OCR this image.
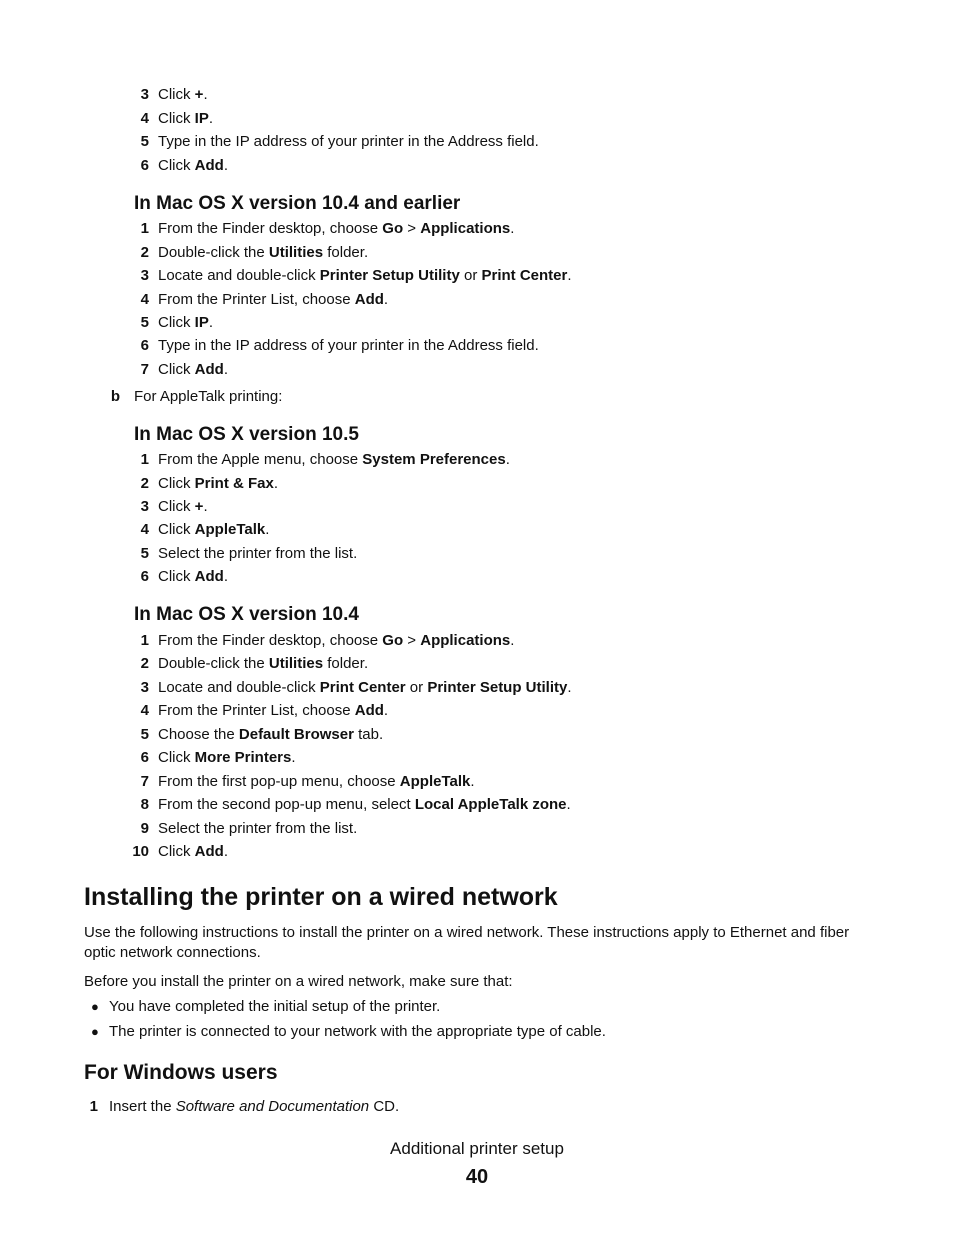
3 Click +.
4 Click IP.
5 Type in the IP address of your printer in the Address field.
6 Click Add.
In Mac OS X version 10.4 and earlier
1 From the Finder desktop, choose Go > Applications.
2 Double-click the Utilities folder.
3 Locate and double-click Printer Setup Utility or Print Center.
4 From the Printer List, choose Add.
5 Click IP.
6 Type in the IP address of your printer in the Address field.
7 Click Add.
b For AppleTalk printing:
In Mac OS X version 10.5
1 From the Apple menu, choose System Preferences.
2 Click Print & Fax.
3 Click +.
4 Click AppleTalk.
5 Select the printer from the list.
6 Click Add.
In Mac OS X version 10.4
1 From the Finder desktop, choose Go > Applications.
2 Double-click the Utilities folder.
3 Locate and double-click Print Center or Printer Setup Utility.
4 From the Printer List, choose Add.
5 Choose the Default Browser tab.
6 Click More Printers.
7 From the first pop-up menu, choose AppleTalk.
8 From the second pop-up menu, select Local AppleTalk zone.
9 Select the printer from the list.
10 Click Add.
Installing the printer on a wired network
Use the following instructions to install the printer on a wired network. These instructions apply to Ethernet and fiber optic network connections.
Before you install the printer on a wired network, make sure that:
● You have completed the initial setup of the printer.
● The printer is connected to your network with the appropriate type of cable.
For Windows users
1 Insert the Software and Documentation CD.
Additional printer setup
40
